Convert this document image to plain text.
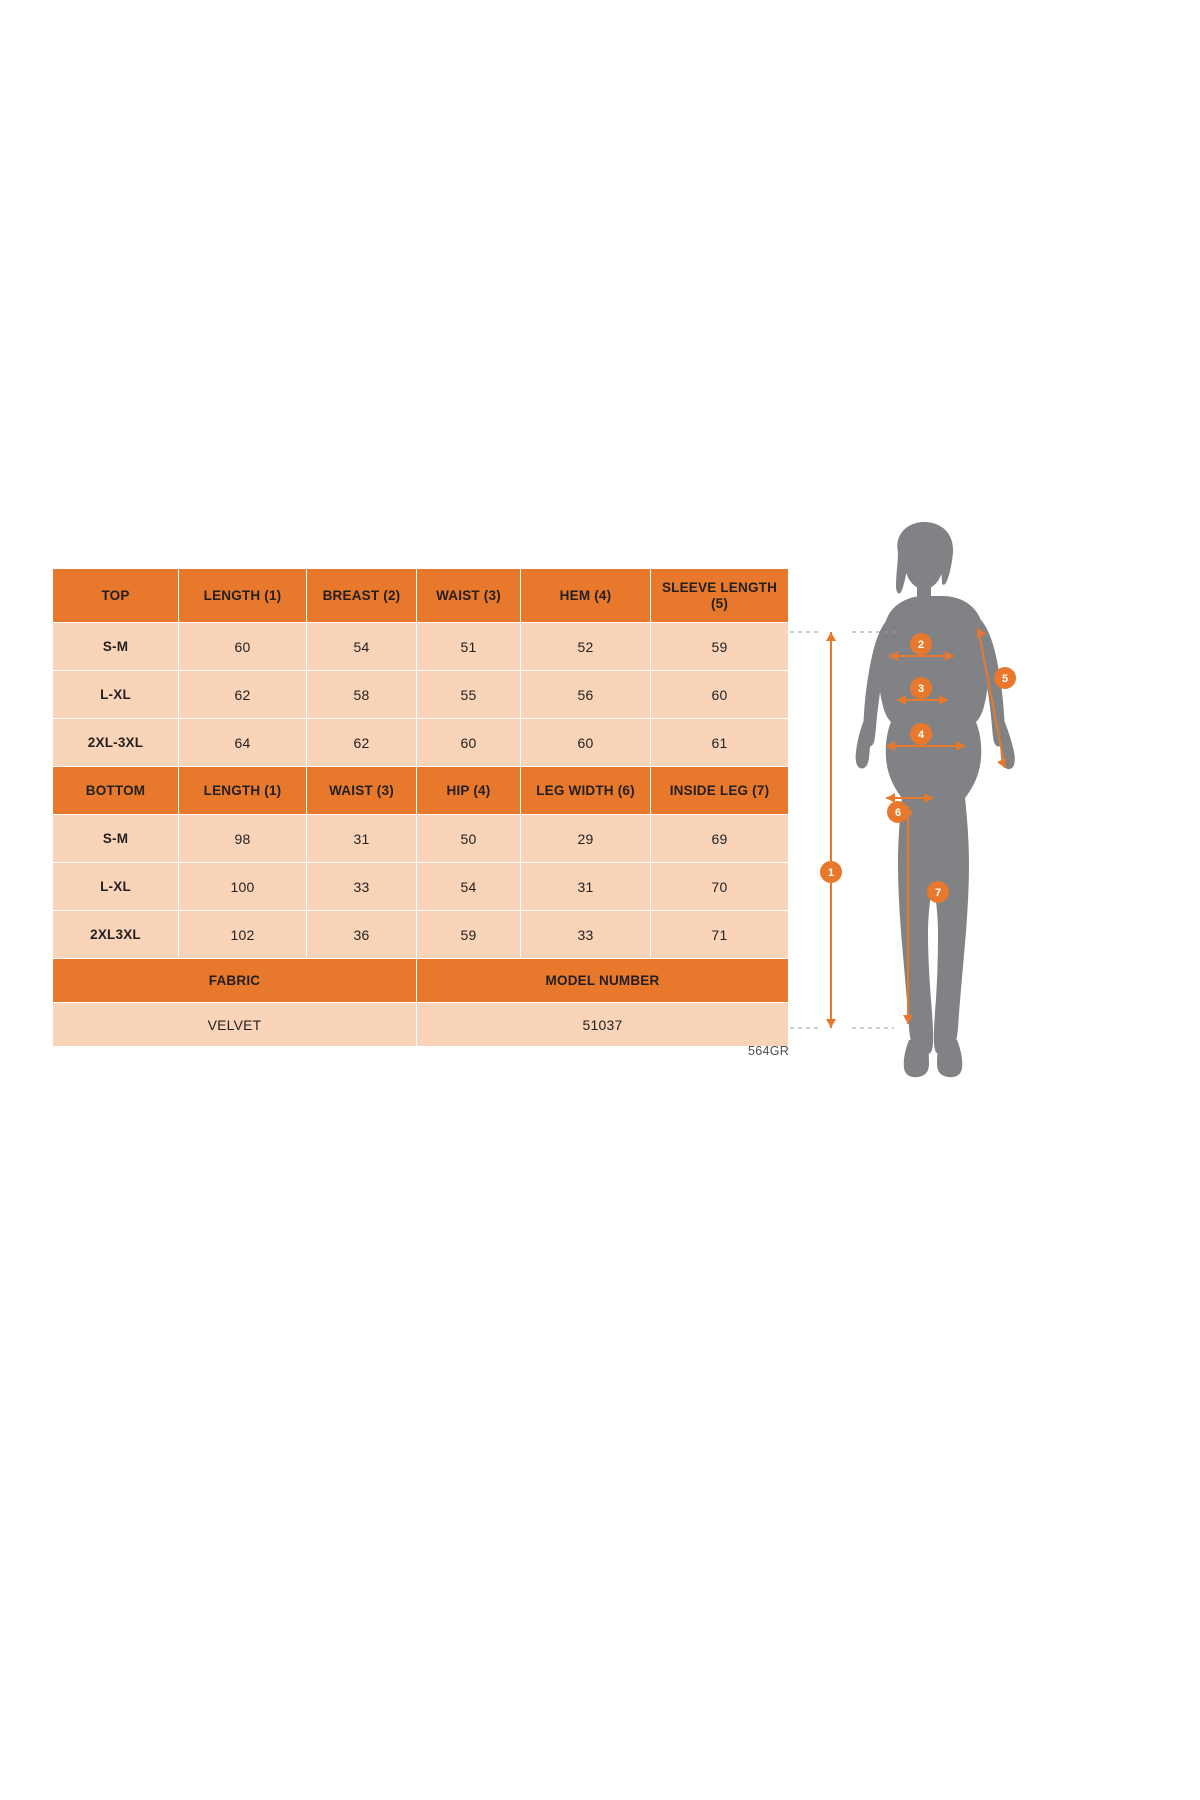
TOP	LENGTH (1)	BREAST (2)	WAIST (3)	HEM (4)	SLEEVE LENGTH (5)
S-M	60	54	51	52	59
L-XL	62	58	55	56	60
2XL-3XL	64	62	60	60	61
BOTTOM	LENGTH (1)	WAIST (3)	HIP (4)	LEG WIDTH (6)	INSIDE LEG (7)
S-M	98	31	50	29	69
L-XL	100	33	54	31	70
2XL3XL	102	36	59	33	71
FABRIC			MODEL NUMBER		
VELVET			51037		
564GR
1
2
3
4
5
6
7
